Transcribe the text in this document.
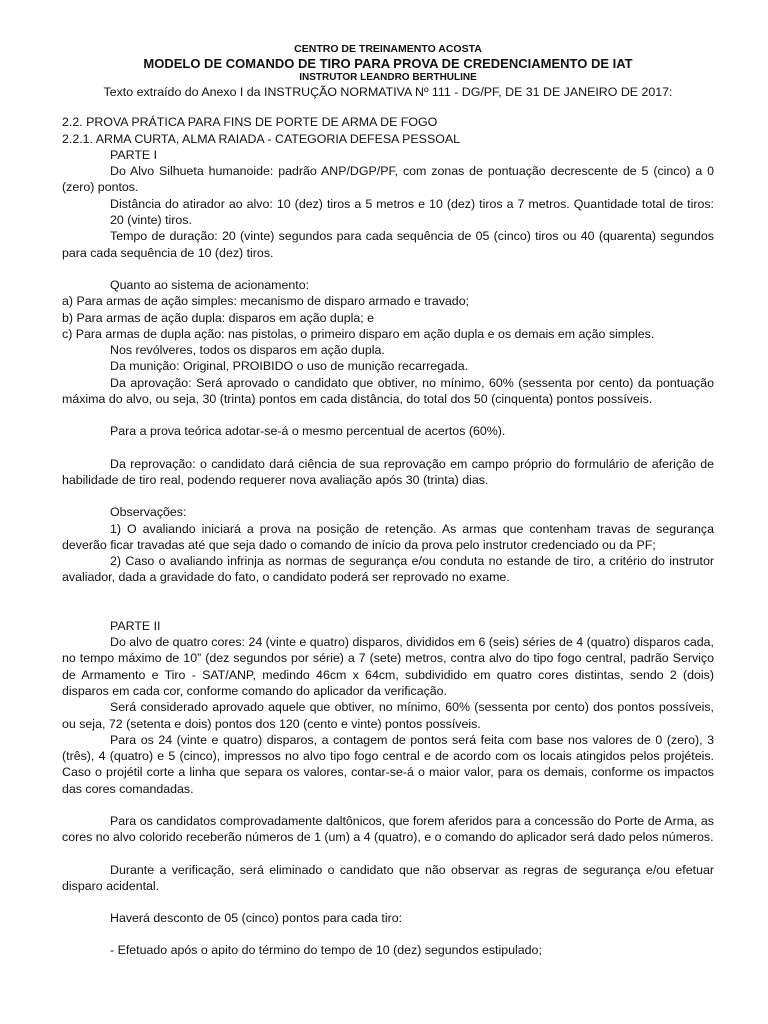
CENTRO DE TREINAMENTO ACOSTA
MODELO DE COMANDO DE TIRO PARA PROVA DE CREDENCIAMENTO DE IAT
INSTRUTOR LEANDRO BERTHULINE
Texto extraído do Anexo I da INSTRUÇÃO NORMATIVA Nº 111 - DG/PF, DE 31 DE JANEIRO DE 2017:

2.2. PROVA PRÁTICA PARA FINS DE PORTE DE ARMA DE FOGO

2.2.1. ARMA CURTA, ALMA RAIADA - CATEGORIA DEFESA PESSOAL

PARTE I

Do Alvo Silhueta humanoide: padrão ANP/DGP/PF, com zonas de pontuação decrescente de 5 (cinco) a 0 (zero) pontos.

Distância do atirador ao alvo: 10 (dez) tiros a 5 metros e 10 (dez) tiros a 7 metros. Quantidade total de tiros: 20 (vinte) tiros.

Tempo de duração: 20 (vinte) segundos para cada sequência de 05 (cinco) tiros ou 40 (quarenta) segundos para cada sequência de 10 (dez) tiros.

Quanto ao sistema de acionamento:

a) Para armas de ação simples: mecanismo de disparo armado e travado;

b) Para armas de ação dupla: disparos em ação dupla; e

c) Para armas de dupla ação: nas pistolas, o primeiro disparo em ação dupla e os demais em ação simples.

Nos revólveres, todos os disparos em ação dupla.

Da munição: Original, PROIBIDO o uso de munição recarregada.

Da aprovação: Será aprovado o candidato que obtiver, no mínimo, 60% (sessenta por cento) da pontuação máxima do alvo, ou seja, 30 (trinta) pontos em cada distância, do total dos 50 (cinquenta) pontos possíveis.

Para a prova teórica adotar-se-á o mesmo percentual de acertos (60%).

Da reprovação: o candidato dará ciência de sua reprovação em campo próprio do formulário de aferição de habilidade de tiro real, podendo requerer nova avaliação após 30 (trinta) dias.

Observações:

1) O avaliando iniciará a prova na posição de retenção. As armas que contenham travas de segurança deverão ficar travadas até que seja dado o comando de início da prova pelo instrutor credenciado ou da PF;

2) Caso o avaliando infrinja as normas de segurança e/ou conduta no estande de tiro, a critério do instrutor avaliador, dada a gravidade do fato, o candidato poderá ser reprovado no exame.

PARTE II

Do alvo de quatro cores: 24 (vinte e quatro) disparos, divididos em 6 (seis) séries de 4 (quatro) disparos cada, no tempo máximo de 10” (dez segundos por série) a 7 (sete) metros, contra alvo do tipo fogo central, padrão Serviço de Armamento e Tiro - SAT/ANP, medindo 46cm x 64cm, subdividido em quatro cores distintas, sendo 2 (dois) disparos em cada cor, conforme comando do aplicador da verificação.

Será considerado aprovado aquele que obtiver, no mínimo, 60% (sessenta por cento) dos pontos possíveis, ou seja, 72 (setenta e dois) pontos dos 120 (cento e vinte) pontos possíveis.

Para os 24 (vinte e quatro) disparos, a contagem de pontos será feita com base nos valores de 0 (zero), 3 (três), 4 (quatro) e 5 (cinco), impressos no alvo tipo fogo central e de acordo com os locais atingidos pelos projéteis. Caso o projétil corte a linha que separa os valores, contar-se-á o maior valor, para os demais, conforme os impactos das cores comandadas.

Para os candidatos comprovadamente daltônicos, que forem aferidos para a concessão do Porte de Arma, as cores no alvo colorido receberão números de 1 (um) a 4 (quatro), e o comando do aplicador será dado pelos números.

Durante a verificação, será eliminado o candidato que não observar as regras de segurança e/ou efetuar disparo acidental.

Haverá desconto de 05 (cinco) pontos para cada tiro:

- Efetuado após o apito do término do tempo de 10 (dez) segundos estipulado;
